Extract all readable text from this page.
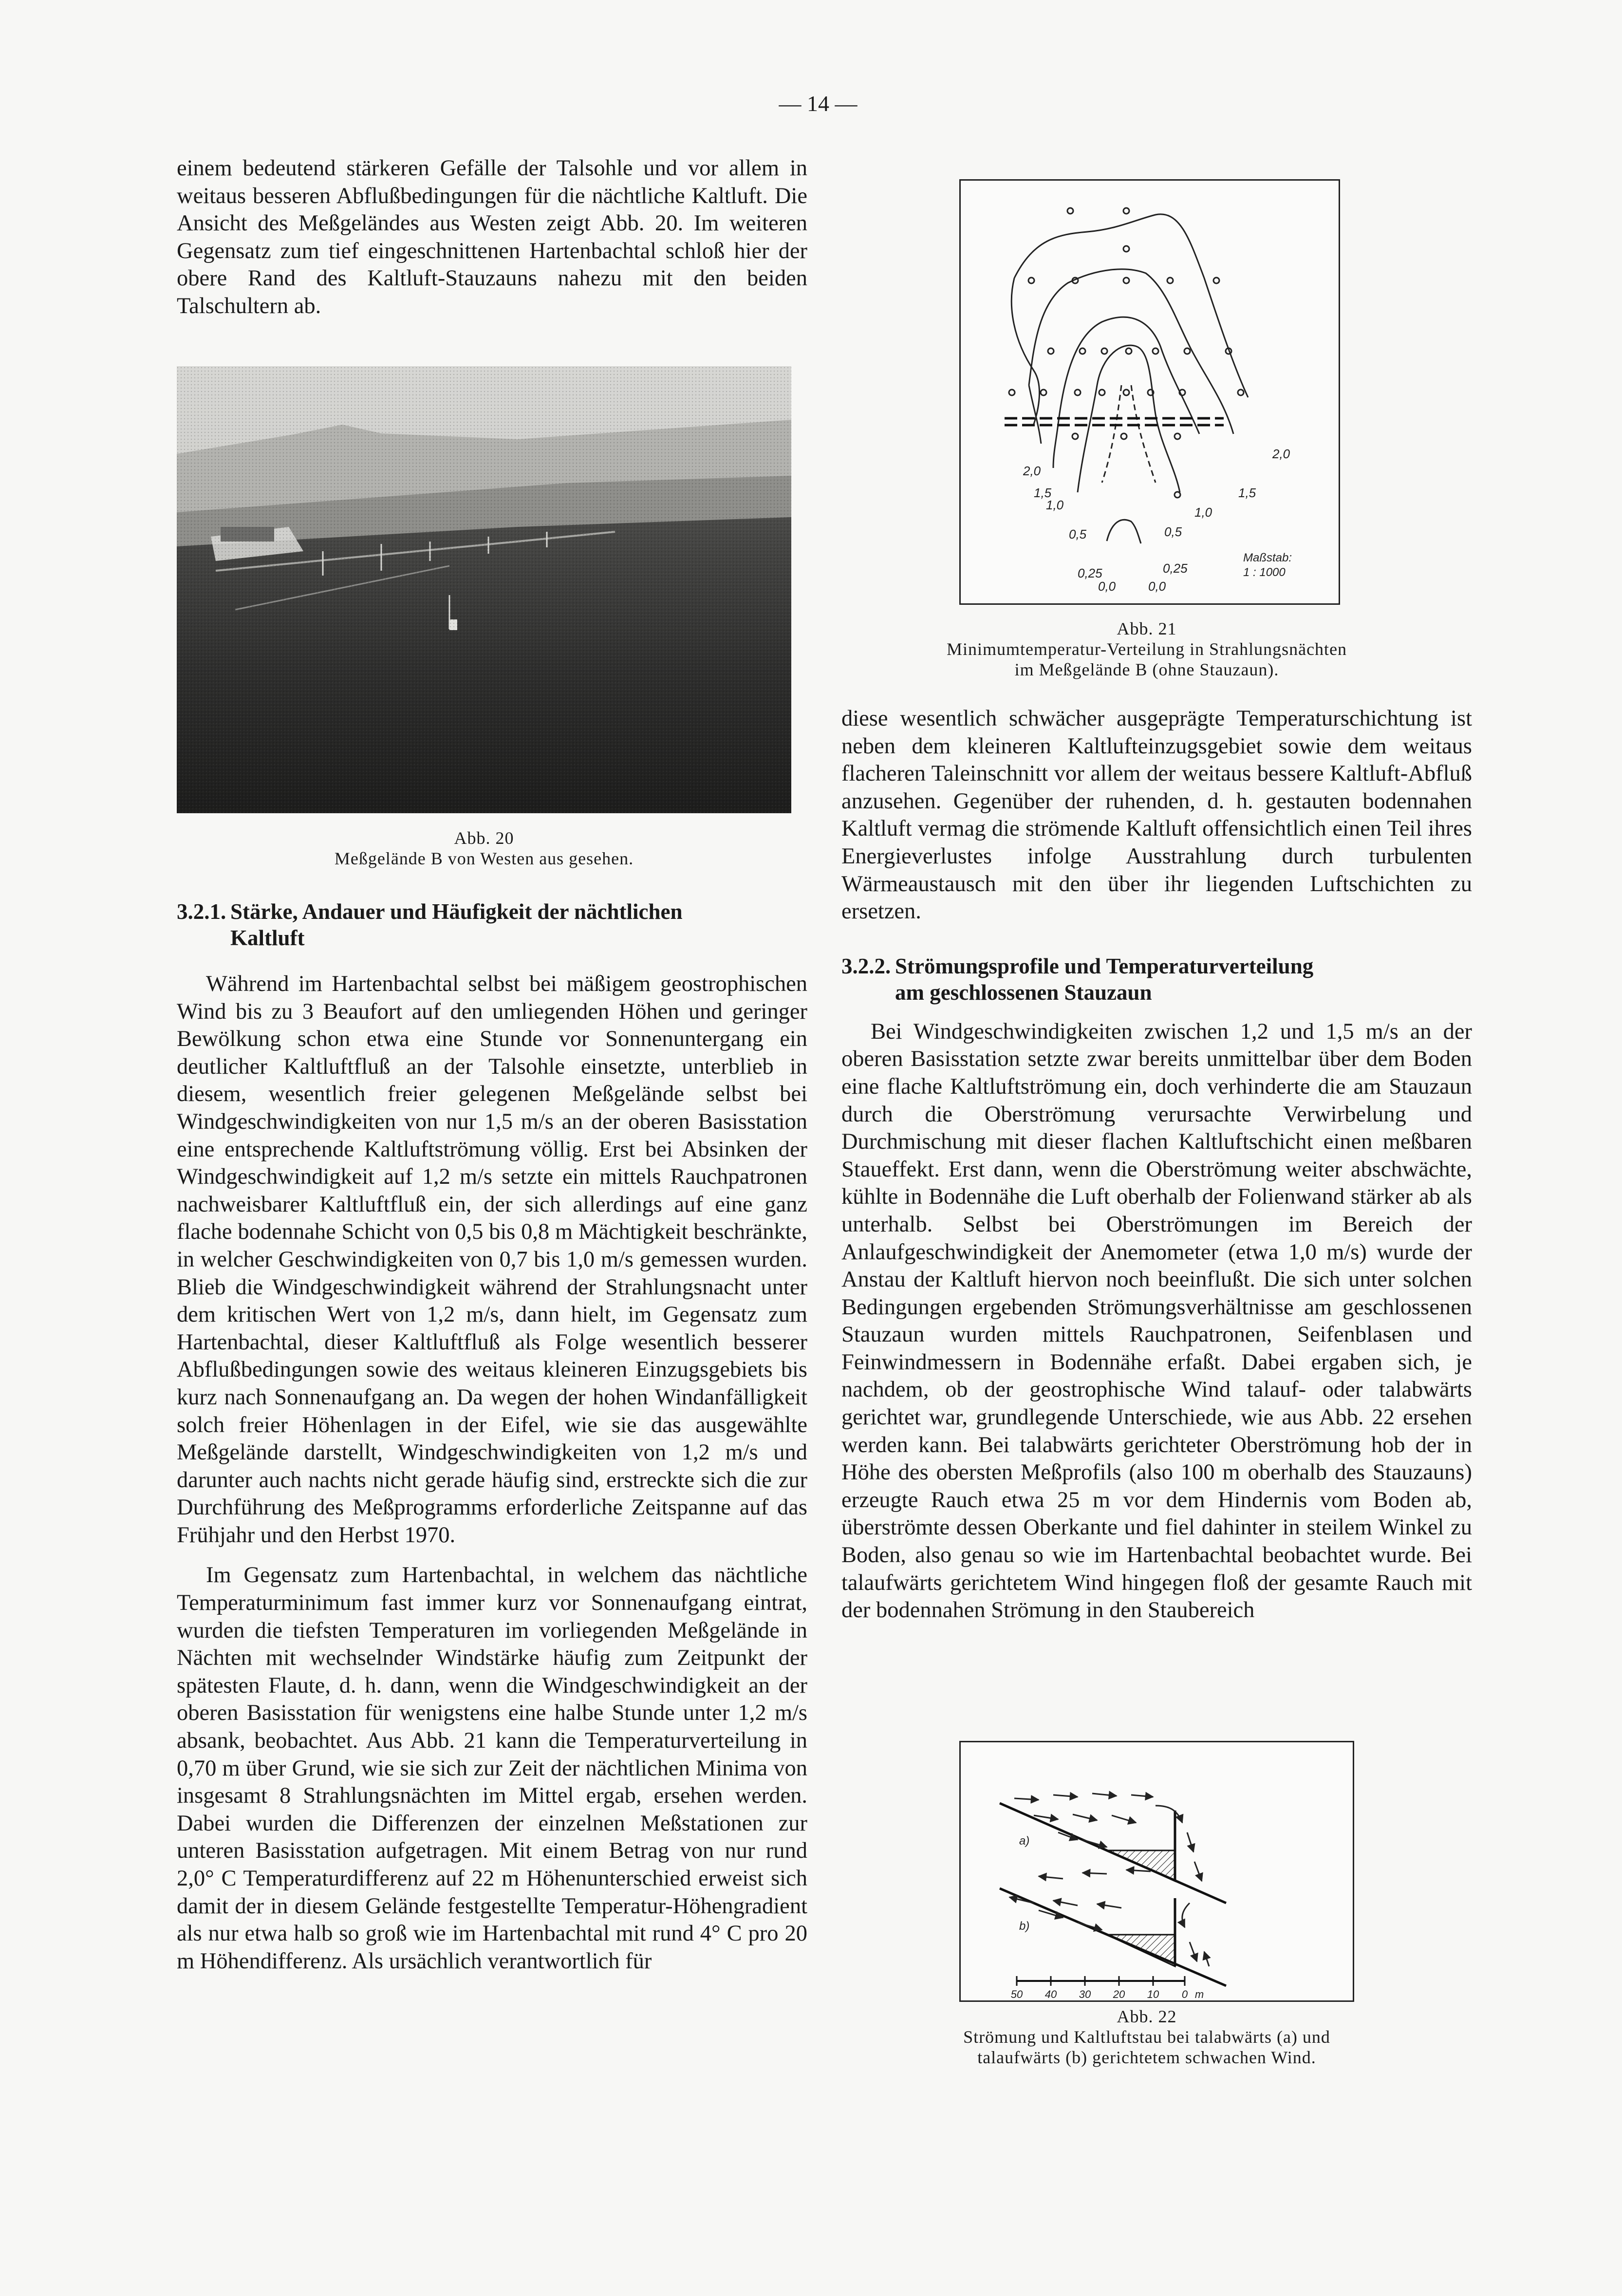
— 14 —

einem bedeutend stärkeren Gefälle der Talsohle und vor allem in weitaus besseren Abflußbedingungen für die nächtliche Kaltluft. Die Ansicht des Meßgeländes aus Westen zeigt Abb. 20. Im weiteren Gegensatz zum tief eingeschnittenen Hartenbachtal schloß hier der obere Rand des Kaltluft-Stauzauns nahezu mit den beiden Talschultern ab.

Abb. 20
Meßgelände B von Westen aus gesehen.
3.2.1. Stärke, Andauer und Häufigkeit der nächtlichen
Kaltluft

Während im Hartenbachtal selbst bei mäßigem geostrophischen Wind bis zu 3 Beaufort auf den umliegenden Höhen und geringer Bewölkung schon etwa eine Stunde vor Sonnenuntergang ein deutlicher Kaltluftfluß an der Talsohle einsetzte, unterblieb in diesem, wesentlich freier gelegenen Meßgelände selbst bei Windgeschwindigkeiten von nur 1,5 m/s an der oberen Basisstation eine entsprechende Kaltluftströmung völlig. Erst bei Absinken der Windgeschwindigkeit auf 1,2 m/s setzte ein mittels Rauchpatronen nachweisbarer Kaltluftfluß ein, der sich allerdings auf eine ganz flache bodennahe Schicht von 0,5 bis 0,8 m Mächtigkeit beschränkte, in welcher Geschwindigkeiten von 0,7 bis 1,0 m/s gemessen wurden. Blieb die Windgeschwindigkeit während der Strahlungsnacht unter dem kritischen Wert von 1,2 m/s, dann hielt, im Gegensatz zum Hartenbachtal, dieser Kaltluftfluß als Folge wesentlich besserer Abflußbedingungen sowie des weitaus kleineren Einzugsgebiets bis kurz nach Sonnenaufgang an. Da wegen der hohen Windanfälligkeit solch freier Höhenlagen in der Eifel, wie sie das ausgewählte Meßgelände darstellt, Windgeschwindigkeiten von 1,2 m/s und darunter auch nachts nicht gerade häufig sind, erstreckte sich die zur Durchführung des Meßprogramms erforderliche Zeitspanne auf das Frühjahr und den Herbst 1970.

Im Gegensatz zum Hartenbachtal, in welchem das nächtliche Temperaturminimum fast immer kurz vor Sonnenaufgang eintrat, wurden die tiefsten Temperaturen im vorliegenden Meßgelände in Nächten mit wechselnder Windstärke häufig zum Zeitpunkt der spätesten Flaute, d. h. dann, wenn die Windgeschwindigkeit an der oberen Basisstation für wenigstens eine halbe Stunde unter 1,2 m/s absank, beobachtet. Aus Abb. 21 kann die Temperaturverteilung in 0,70 m über Grund, wie sie sich zur Zeit der nächtlichen Minima von insgesamt 8 Strahlungsnächten im Mittel ergab, ersehen werden. Dabei wurden die Differenzen der einzelnen Meßstationen zur unteren Basisstation aufgetragen. Mit einem Betrag von nur rund 2,0° C Temperaturdifferenz auf 22 m Höhenunterschied erweist sich damit der in diesem Gelände festgestellte Temperatur-Höhengradient als nur etwa halb so groß wie im Hartenbachtal mit rund 4° C pro 20 m Höhendifferenz. Als ursächlich verantwortlich für

2,0
2,0
1,5	1,5
1,0	1,0
0,5	0,5
0,25	0,25
0,0	0,0
Maßstab:
1 : 1000
Abb. 21
Minimumtemperatur-Verteilung in Strahlungsnächten
im Meßgelände B (ohne Stauzaun).

diese wesentlich schwächer ausgeprägte Temperaturschichtung ist neben dem kleineren Kaltlufteinzugsgebiet sowie dem weitaus flacheren Taleinschnitt vor allem der weitaus bessere Kaltluft-Abfluß anzusehen. Gegenüber der ruhenden, d. h. gestauten bodennahen Kaltluft vermag die strömende Kaltluft offensichtlich einen Teil ihres Energieverlustes infolge Ausstrahlung durch turbulenten Wärmeaustausch mit den über ihr liegenden Luftschichten zu ersetzen.

3.2.2. Strömungsprofile und Temperaturverteilung
am geschlossenen Stauzaun

Bei Windgeschwindigkeiten zwischen 1,2 und 1,5 m/s an der oberen Basisstation setzte zwar bereits unmittelbar über dem Boden eine flache Kaltluftströmung ein, doch verhinderte die am Stauzaun durch die Oberströmung verursachte Verwirbelung und Durchmischung mit dieser flachen Kaltluftschicht einen meßbaren Staueffekt. Erst dann, wenn die Oberströmung weiter abschwächte, kühlte in Bodennähe die Luft oberhalb der Folienwand stärker ab als unterhalb. Selbst bei Oberströmungen im Bereich der Anlaufgeschwindigkeit der Anemometer (etwa 1,0 m/s) wurde der Anstau der Kaltluft hiervon noch beeinflußt. Die sich unter solchen Bedingungen ergebenden Strömungsverhältnisse am geschlossenen Stauzaun wurden mittels Rauchpatronen, Seifenblasen und Feinwindmessern in Bodennähe erfaßt. Dabei ergaben sich, je nachdem, ob der geostrophische Wind talauf- oder talabwärts gerichtet war, grundlegende Unterschiede, wie aus Abb. 22 ersehen werden kann. Bei talabwärts gerichteter Oberströmung hob der in Höhe des obersten Meßprofils (also 100 m oberhalb des Stauzauns) erzeugte Rauch etwa 25 m vor dem Hindernis vom Boden ab, überströmte dessen Oberkante und fiel dahinter in steilem Winkel zu Boden, also genau so wie im Hartenbachtal beobachtet wurde. Bei talaufwärts gerichtetem Wind hingegen floß der gesamte Rauch mit der bodennahen Strömung in den Staubereich

a)
b)
50 40 30 20 10 0 m
Abb. 22
Strömung und Kaltluftstau bei talabwärts (a) und
talaufwärts (b) gerichtetem schwachen Wind.
